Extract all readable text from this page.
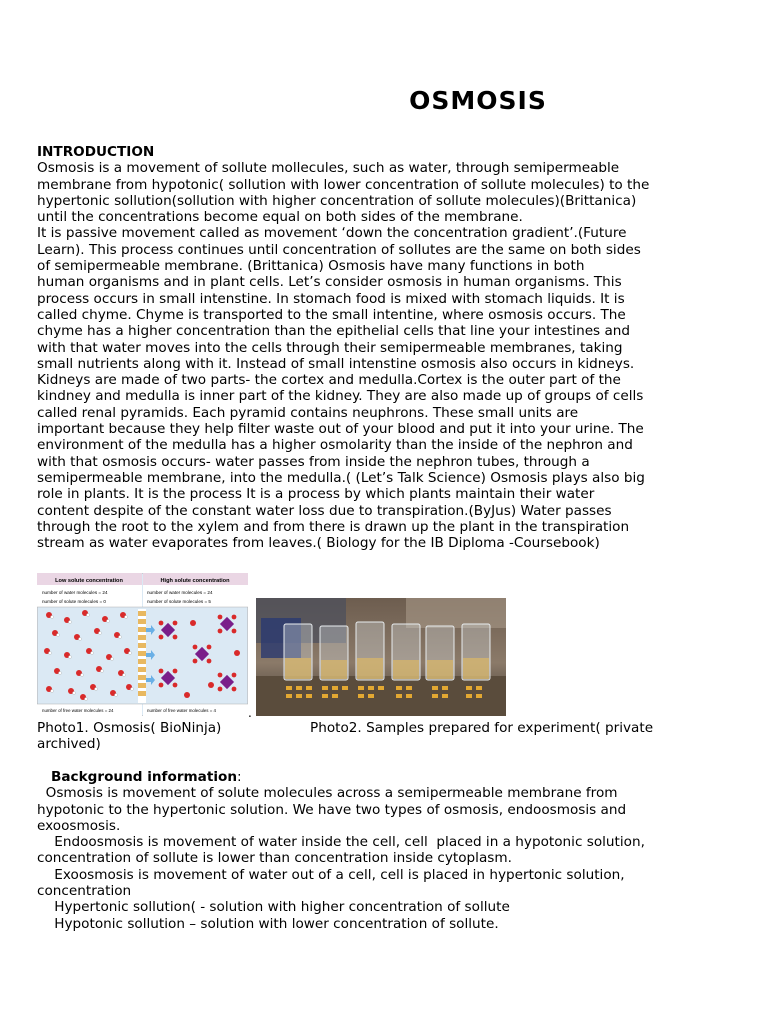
OSMOSIS

INTRODUCTION

Osmosis is a movement of sollute mollecules, such as water, through semipermeable

membrane from hypotonic( sollution with lower concentration of sollute molecules) to the

hypertonic sollution(sollution with higher concentration of sollute molecules)(Brittanica)

until the concentrations become equal on both sides of the membrane.

It is passive movement called as movement ‘down the concentration gradient’.(Future

Learn). This process continues until concentration of sollutes are the same on both sides

of semipermeable membrane. (Brittanica) Osmosis have many functions in both

human organisms and in plant cells. Let’s consider osmosis in human organisms. This

process occurs in small intenstine. In stomach food is mixed with stomach liquids. It is

called chyme. Chyme is transported to the small intentine, where osmosis occurs. The

chyme has a higher concentration than the epithelial cells that line your intestines and

with that water moves into the cells through their semipermeable membranes, taking

small nutrients along with it. Instead of small intenstine osmosis also occurs in kidneys.

Kidneys are made of two parts- the cortex and medulla.Cortex is the outer part of the

kindney and medulla is inner part of the kidney. They are also made up of groups of cells

called renal pyramids. Each pyramid contains neuphrons. These small units are

important because they help filter waste out of your blood and put it into your urine. The

environment of the medulla has a higher osmolarity than the inside of the nephron and

with that osmosis occurs- water passes from inside the nephron tubes, through a

semipermeable membrane, into the medulla.( (Let’s Talk Science) Osmosis plays also big

role in plants. It is the process It is a process by which plants maintain their water

content despite of the constant water loss due to transpiration.(ByJus) Water passes

through the root to the xylem and from there is drawn up the plant in the transpiration

stream as water evaporates from leaves.( Biology for the IB Diploma -Coursebook)

Low solute concentration	High solute concentration
number of water molecules = 24
number of solute molecules = 0
number of water molecules = 24
number of solute molecules = 5
number of free water molecules = 24	number of free water molecules = 4	.
Photo1. Osmosis( BioNinja)	Photo2. Samples prepared for experiment( private
archived)

Background information:

Osmosis is movement of solute molecules across a semipermeable membrane from

hypotonic to the hypertonic solution. We have two types of osmosis, endoosmosis and

exoosmosis.

Endoosmosis is movement of water inside the cell, cell  placed in a hypotonic solution,

concentration of sollute is lower than concentration inside cytoplasm.

Exoosmosis is movement of water out of a cell, cell is placed in hypertonic solution,

concentration

Hypertonic sollution( - solution with higher concentration of sollute

Hypotonic sollution – solution with lower concentration of sollute.
